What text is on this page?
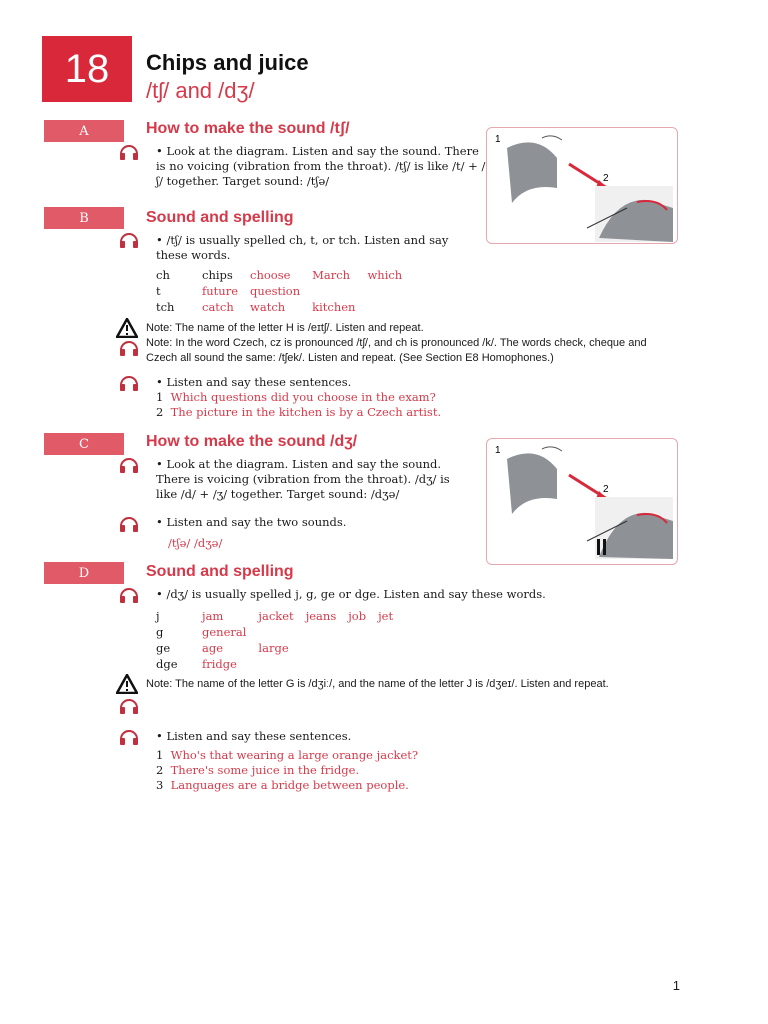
18 Chips and juice
/tʃ/ and /dʒ/
A	How to make the sound /tʃ/
• Look at the diagram. Listen and say the sound. There is no voicing (vibration from the throat). /tʃ/ is like /t/ + /ʃ/ together. Target sound: /tʃə/
1
2
B	Sound and spelling
• /tʃ/ is usually spelled ch, t, or tch. Listen and say these words.
ch	chips	choose	March	which
t	future	question		
tch	catch	watch	kitchen	
Note: The name of the letter H is /eɪtʃ/. Listen and repeat.
Note: In the word Czech, cz is pronounced /tʃ/, and ch is pronounced /k/. The words check, cheque and Czech all sound the same: /tʃek/. Listen and repeat. (See Section E8 Homophones.)
• Listen and say these sentences.
1 Which questions did you choose in the exam?
2 The picture in the kitchen is by a Czech artist.
C	How to make the sound /dʒ/
• Look at the diagram. Listen and say the sound. There is voicing (vibration from the throat). /dʒ/ is like /d/ + /ʒ/ together. Target sound: /dʒə/
1
2
• Listen and say the two sounds.
/tʃə/ /dʒə/
D	Sound and spelling
• /dʒ/ is usually spelled j, g, ge or dge. Listen and say these words.
j	jam	jacket	jeans	job	jet
g	general				
ge	age	large			
dge	fridge				
Note: The name of the letter G is /dʒiː/, and the name of the letter J is /dʒeɪ/. Listen and repeat.
• Listen and say these sentences.
1 Who's that wearing a large orange jacket?
2 There's some juice in the fridge.
3 Languages are a bridge between people.
1
